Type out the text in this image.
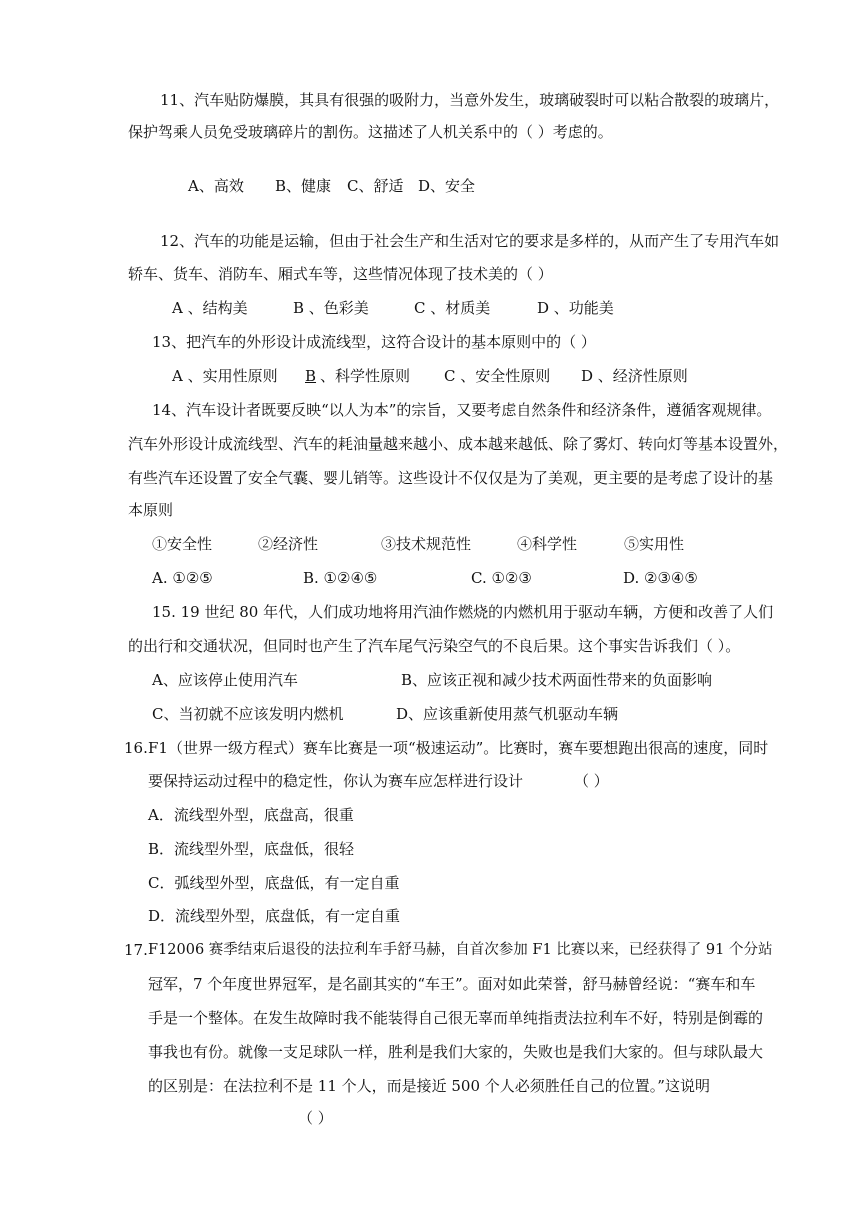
11、汽车贴防爆膜，其具有很强的吸附力，当意外发生，玻璃破裂时可以粘合散裂的玻璃片，
保护驾乘人员免受玻璃碎片的割伤。这描述了人机关系中的（ ）考虑的。
A、高效 B、健康 C、舒适 D、安全
12、汽车的功能是运输，但由于社会生产和生活对它的要求是多样的，从而产生了专用汽车如
轿车、货车、消防车、厢式车等，这些情况体现了技术美的（ ）
A 、结构美	B 、色彩美	C 、材质美	D 、功能美
13、把汽车的外形设计成流线型，这符合设计的基本原则中的（ ）
A 、实用性原则 B 、科学性原则 C 、安全性原则 D 、经济性原则
14、汽车设计者既要反映“以人为本”的宗旨，又要考虑自然条件和经济条件，遵循客观规律。
汽车外形设计成流线型、汽车的耗油量越来越小、成本越来越低、除了雾灯、转向灯等基本设置外，
有些汽车还设置了安全气囊、婴儿销等。这些设计不仅仅是为了美观，更主要的是考虑了设计的基
本原则
①安全性	②经济性	③技术规范性	④科学性	⑤实用性
A. ①②⑤	B. ①②④⑤	C. ①②③	D. ②③④⑤
15. 19 世纪 80 年代，人们成功地将用汽油作燃烧的内燃机用于驱动车辆，方便和改善了人们
的出行和交通状况，但同时也产生了汽车尾气污染空气的不良后果。这个事实告诉我们（ ）。
A、应该停止使用汽车	B、应该正视和减少技术两面性带来的负面影响
C、当初就不应该发明内燃机	D、应该重新使用蒸气机驱动车辆
16. F1（世界一级方程式）赛车比赛是一项“极速运动”。比赛时，赛车要想跑出很高的速度，同时
要保持运动过程中的稳定性，你认为赛车应怎样进行设计	（ ）
A．流线型外型，底盘高，很重
B．流线型外型，底盘低，很轻
C．弧线型外型，底盘低，有一定自重
D．流线型外型，底盘低，有一定自重
17. F12006 赛季结束后退役的法拉利车手舒马赫，自首次参加 F1 比赛以来，已经获得了 91 个分站
冠军，7 个年度世界冠军，是名副其实的“车王”。面对如此荣誉，舒马赫曾经说：“赛车和车
手是一个整体。在发生故障时我不能装得自己很无辜而单纯指责法拉利车不好，特别是倒霉的
事我也有份。就像一支足球队一样，胜利是我们大家的，失败也是我们大家的。但与球队最大
的区别是：在法拉利不是 11 个人，而是接近 500 个人必须胜任自己的位置。”这说明
（ ）
